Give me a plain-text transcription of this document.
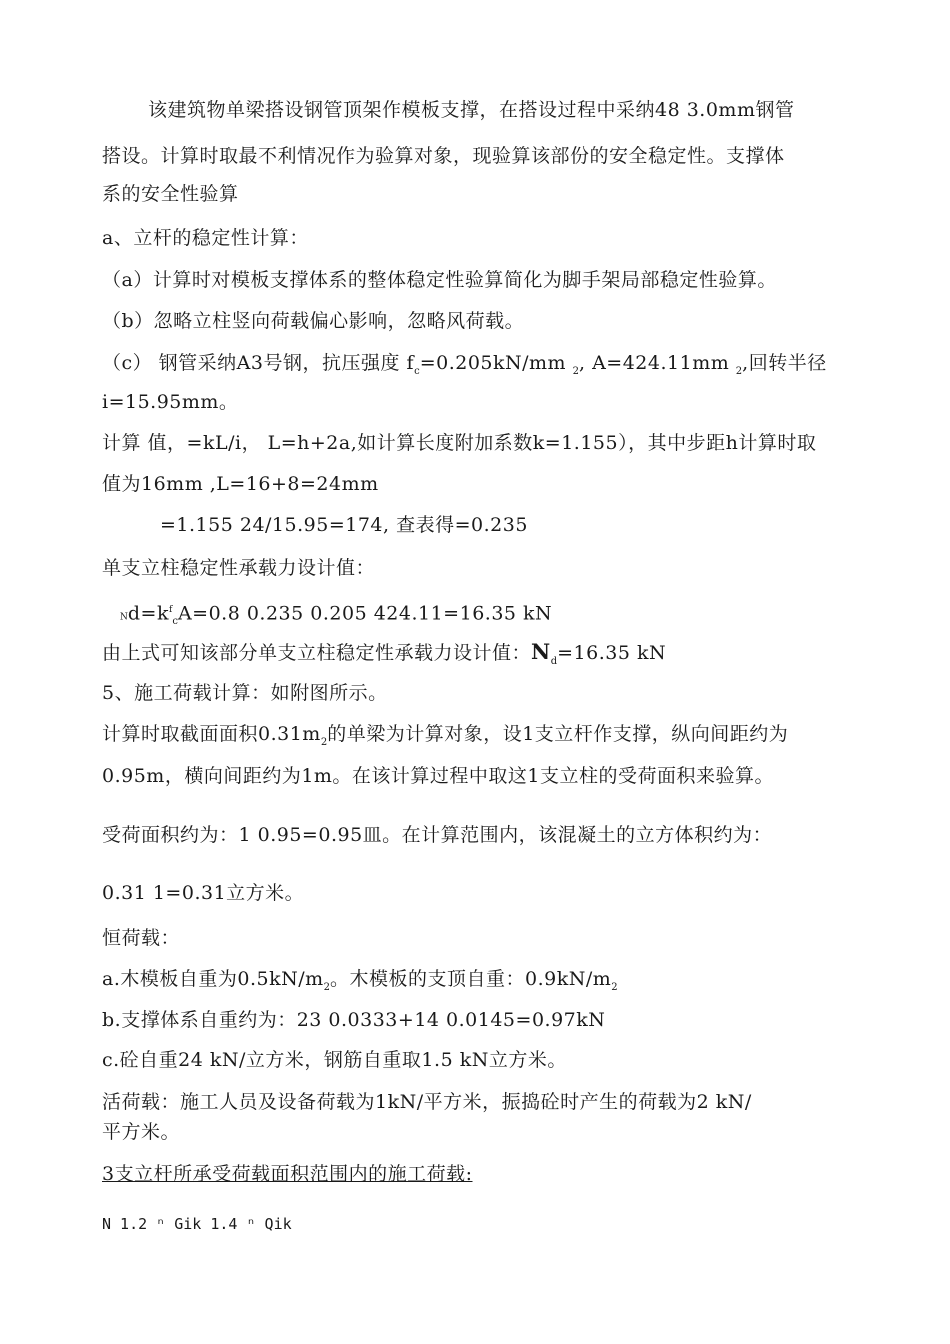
该建筑物单梁搭设钢管顶架作模板支撑，在搭设过程中采纳48 3.0mm钢管
搭设。计算时取最不利情况作为验算对象，现验算该部份的安全稳定性。支撑体
系的安全性验算
a、立杆的稳定性计算：
（a）计算时对模板支撑体系的整体稳定性验算简化为脚手架局部稳定性验算。
（b）忽略立柱竖向荷载偏心影响，忽略风荷载。
（c） 钢管采纳A3号钢，抗压强度 $f_c=0.205kN/mm$ $_2$, A=424.11mm $_2$,回转半径
i=15.95mm。
计算 值，=kL/i， L=h+2a,如计算长度附加系数k=1.155），其中步距h计算时取
值为16mm ,L=16+8=24mm
=1.155 24/15.95=174, 查表得=0.235
单支立柱稳定性承载力设计值：
$Nd=k^f_cA=0.8$ 0.235 0.205 424.11=16.35 kN
由上式可知该部分单支立柱稳定性承载力设计值：$N_d=16.35$ kN
5、施工荷载计算：如附图所示。
计算时取截面面积$0.31m_2$的单梁为计算对象，设1支立杆作支撑，纵向间距约为
0.95m，横向间距约为1m。在该计算过程中取这1支立柱的受荷面积来验算。
受荷面积约为：1 0.95=0.95皿。在计算范围内，该混凝土的立方体积约为：
0.31 1=0.31立方米。
恒荷载：
a.木模板自重为$0.5kN/m_2$。木模板的支顶自重：$0.9kN/m_2$
b.支撑体系自重约为：23 0.0333+14 0.0145=0.97kN
c.砼自重24 kN/立方米，钢筋自重取1.5 kN立方米。
活荷载：施工人员及设备荷载为1kN/平方米，振捣砼时产生的荷载为2 kN/
平方米。
3支立杆所承受荷载面积范围内的施工荷载:
N 1.2 ⁿ Gik 1.4 ⁿ Qik
